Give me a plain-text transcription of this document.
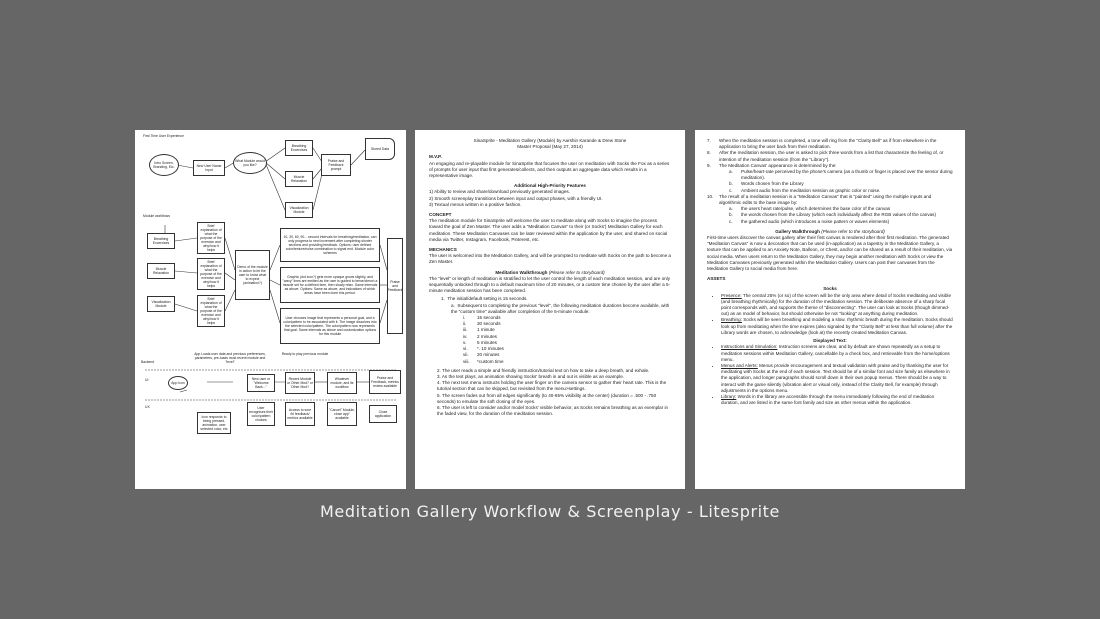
First Time User Experience
Intro Screen, Branding, Etc.	New User Name Input
What Module would you like?
Breathing Excercises
Muscle Relaxation
Visualization Module
Praise and Feedback prompt
Stored Data
Module workflows
Breathing Excercises
Muscle Relaxation
Visualization Module
Brief explanation of what the purpose of the exercise and why/how it helps
Brief explanation of what the purpose of the exercise and why/how it helps
Brief explanation of what the purpose of the exercise and why/how it helps
Demo of the module in action to let the user to know what to expect (animation?)
10, 30, 60, 90... second intervals for breathing/meditation, can only progress to next increment after completing shorter sections and providing feedback. Options: user defined color/texture/noise combination to signal end. Module color schemes
Graphic (dot icon?) gets more opaque grows slightly, and "wavy" lines are emitted as the user is guided to tense/clench a muscle set for a defined time, then slowly relax. Same intervals as above. Options: Same as above, and indications of which areas have been done this period.
User chooses image that represents a personal goal, and a color/pattern to be associated with it. The image dissolves into the selected color/pattern. The color/pattern now represents that goal. Same intervals as above and customization options for this module
Praise and Feedback
Backend
UI
UX
App Loads user data and previous preferences, parameters, pre-loads most recent module and "level"
Ready to play previous module
App Icon
Icon responds to being pressed, animation, user selected color, etc
New user or "Welcome Back..."
Recent Module or Other Mod? or Other Mod?
Whatever module, and its workflow
Praise and Feedback, metrics review available
User recognises their color/pattern choices
Access to sore /bl feedback/ metrics available
"Cancel" Module, close app" available
Close application
SinaSprite - Meditation Gallery (Module) by Aarshin Karande & Drew Stone
Master Proposal (May 27, 2014)
M.V.P.

An engaging and re-playable module for SinaSprite that focuses the user on meditation with Socks the Fox as a series of prompts for user input that first generates/collects, and then outputs an aggregate data which results in a representative image.

Additional High-Priority Features
1) Ability to review and share/download previously generated images.
2) Smooth screenplay transitions between input and output phases, with a friendly UI.
3) Textual menus written in a positive fashion.
CONCEPT

The meditation module for SinaSprite will welcome the user to meditate along with Socks to imagine the process toward the goal of Zen Master. The user adds a "Meditation Canvas" to their (or Socks') Meditation Gallery for each meditation. These Meditation Canvases can be later reviewed within the application by the user, and shared on social media via Twitter, Instagram, Facebook, Pinterest, etc.

MECHANICS

The user is welcomed into the Meditation Gallery, and will be prompted to meditate with Socks on the path to become a Zen Master.

Meditation Walkthrough (Please refer to storyboard)

The "level" or length of meditation is stratified to let the user control the length of each meditation session, and are only sequentially unlocked through to a default maximum time of 20 minutes, or a custom time chosen by the user after a 5-minute meditation session has been completed.

1.  The initial/default setting is 15 seconds.
a.  Subsequent to completing the previous "level", the following meditation durations become available, with the "custom time" available after completion of the 5-minute module:
i.	15 seconds
ii. 30 seconds
iii. 1 minute
iv. 2 minutes
v. 5 minutes
vi. *. 10 minutes
vii. 20 minutes
viii. *custom time
2. The user reads a simple and friendly instruction/tutorial text on how to take a deep breath, and exhale.
3. As the text plays, an animation showing Socks' breath in and out is visible as an example.
4. The next text menu instructs holding the user finger on the camera sensor to gather their heart rate. This is the tutorial section that can be skipped, but revisited from the menu>settings.
5. The screen fades out from all edges significantly (to 40-65% visibility at the center) (duration = .500 - .750 seconds) to emulate the soft closing of the eyes.
6. The user is left to consider and/or model Socks' visible behavior, as Socks remains breathing as an exemplar in the faded view, for the duration of the meditation session.
7.	When the meditation session is completed, a tone will ring from the "Clarity Bell" as if from elsewhere in the application to bring the user back from their meditation.
8.	After the meditation session, the user is asked to pick three words from a list that characterize the feeling of, or intention of the meditation session (from the "Library").
9.	The Meditation Canvas' appearance is determined by the:
a.	Pulse/heart-rate perceived by the phone's camera (as a thumb or finger is placed over the sensor during meditation).
b.	Words chosen from the Library
c.	Ambient audio from the meditation session as graphic color or noise.
10.	The result of a meditation session is a "Meditation Canvas" that is "painted" using the multiple inputs and algorithmic edits to the base image by:
a.	the users heart rate/pulse, which determines the base color of the canvas
b.	the words chosen from the Library (which each individually affect the RGB values of the canvas)
c.	the gathered audio (which introduces a noise pattern or waves elements)
Gallery Walkthrough (Please refer to the storyboard)

First-time users discover the canvas gallery after their first canvas is rendered after their first meditation. The generated "Meditation Canvas" is now a decoration that can be used (in-application) as a tapestry in the Meditation Gallery, a texture that can be applied to an Anxiety Note, Balloon, or Chest, and/or can be shared as a result of their meditation, via social media. When users return to the Meditation Gallery, they may begin another meditation with Socks or view the Meditation Canvases previously generated within the Meditation Gallery. Users can post their canvases from the Meditation Gallery to social media from here.

ASSETS
Socks
• Presence: The central 25% (or so) of the screen will be the only area where detail of Socks meditating and visible (and breathing rhythmically) for the duration of the meditation session. The deliberate absence of a sharp focal point corresponds with, and supports the theme of "disconnecting". The user can look at Socks (though dimmed-out) as an model of behavior, but should otherwise be not "looking" at anything during meditation.
• Breathing: Socks will be seen breathing and modeling a slow, rhythmic breath during the meditation. Socks should look up from meditating when the time expires (also signaled by the "Clarity Bell" at less than full volume) after the Library words are chosen, to acknowledge (look at) the recently created Meditation Canvas.
Displayed Text:
• Instructions and Simulation: Instruction screens are clear, and by default are shown repeatedly as a setup to meditation sessions within Meditation Gallery, cancellable by a check box, and retrievable from the home/options menu.
• Menus and Alerts: Menus provide encouragement and textual validation with praise and by thanking the user for meditating with Socks at the end of each session. Text should be of a similar font and size family as elsewhere in the application, and longer paragraphs should scroll down in their own popup menus. There should be a way to interact with the game silently (vibration alert or visual only, instead of the Clarity Bell, for example) through adjustments in the options menu.
• Library: Words in the library are accessible through the menu immediately following the end of meditation duration, and are listed in the same font family and size as other menus within the application.
Meditation Gallery Workflow & Screenplay - Litesprite
